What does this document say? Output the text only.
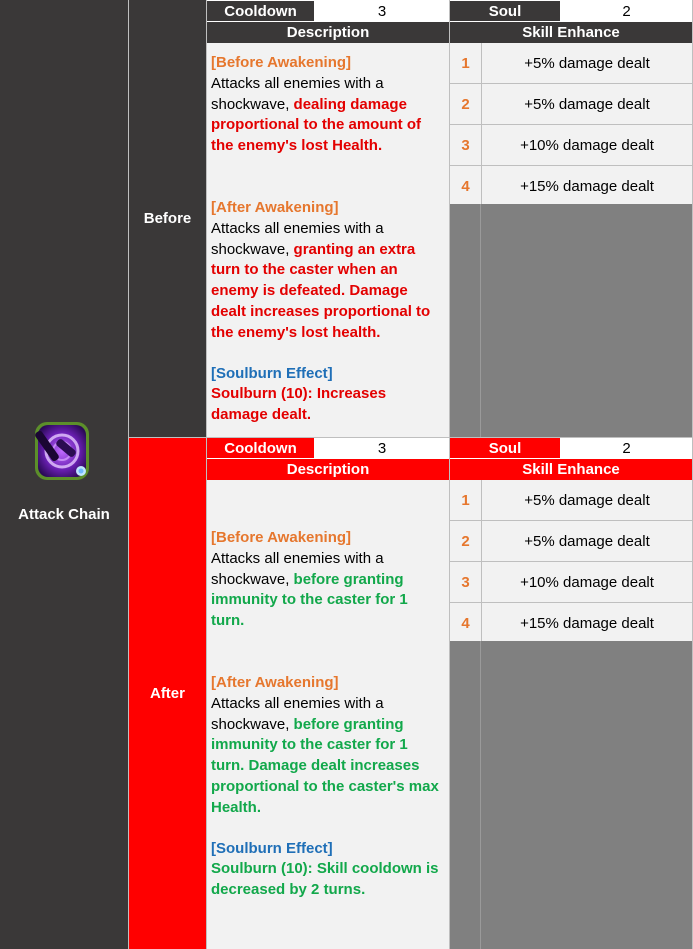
Attack Chain
Before
Cooldown	3	Soul	2
Description	Skill Enhance

[Before Awakening]

Attacks all enemies with a shockwave, dealing damage proportional to the amount of the enemy's lost Health.

[After Awakening]

Attacks all enemies with a shockwave, granting an extra turn to the caster when an enemy is defeated. Damage dealt increases proportional to the enemy's lost health.

[Soulburn Effect]

Soulburn (10): Increases damage dealt.

1	+5% damage dealt
2	+5% damage dealt
3	+10% damage dealt
4	+15% damage dealt
After
Cooldown	3	Soul	2
Description	Skill Enhance

[Before Awakening]

Attacks all enemies with a shockwave, before granting immunity to the caster for 1 turn.

[After Awakening]

Attacks all enemies with a shockwave, before granting immunity to the caster for 1 turn. Damage dealt increases proportional to the caster's max Health.

[Soulburn Effect]

Soulburn (10): Skill cooldown is decreased by 2 turns.

1	+5% damage dealt
2	+5% damage dealt
3	+10% damage dealt
4	+15% damage dealt
